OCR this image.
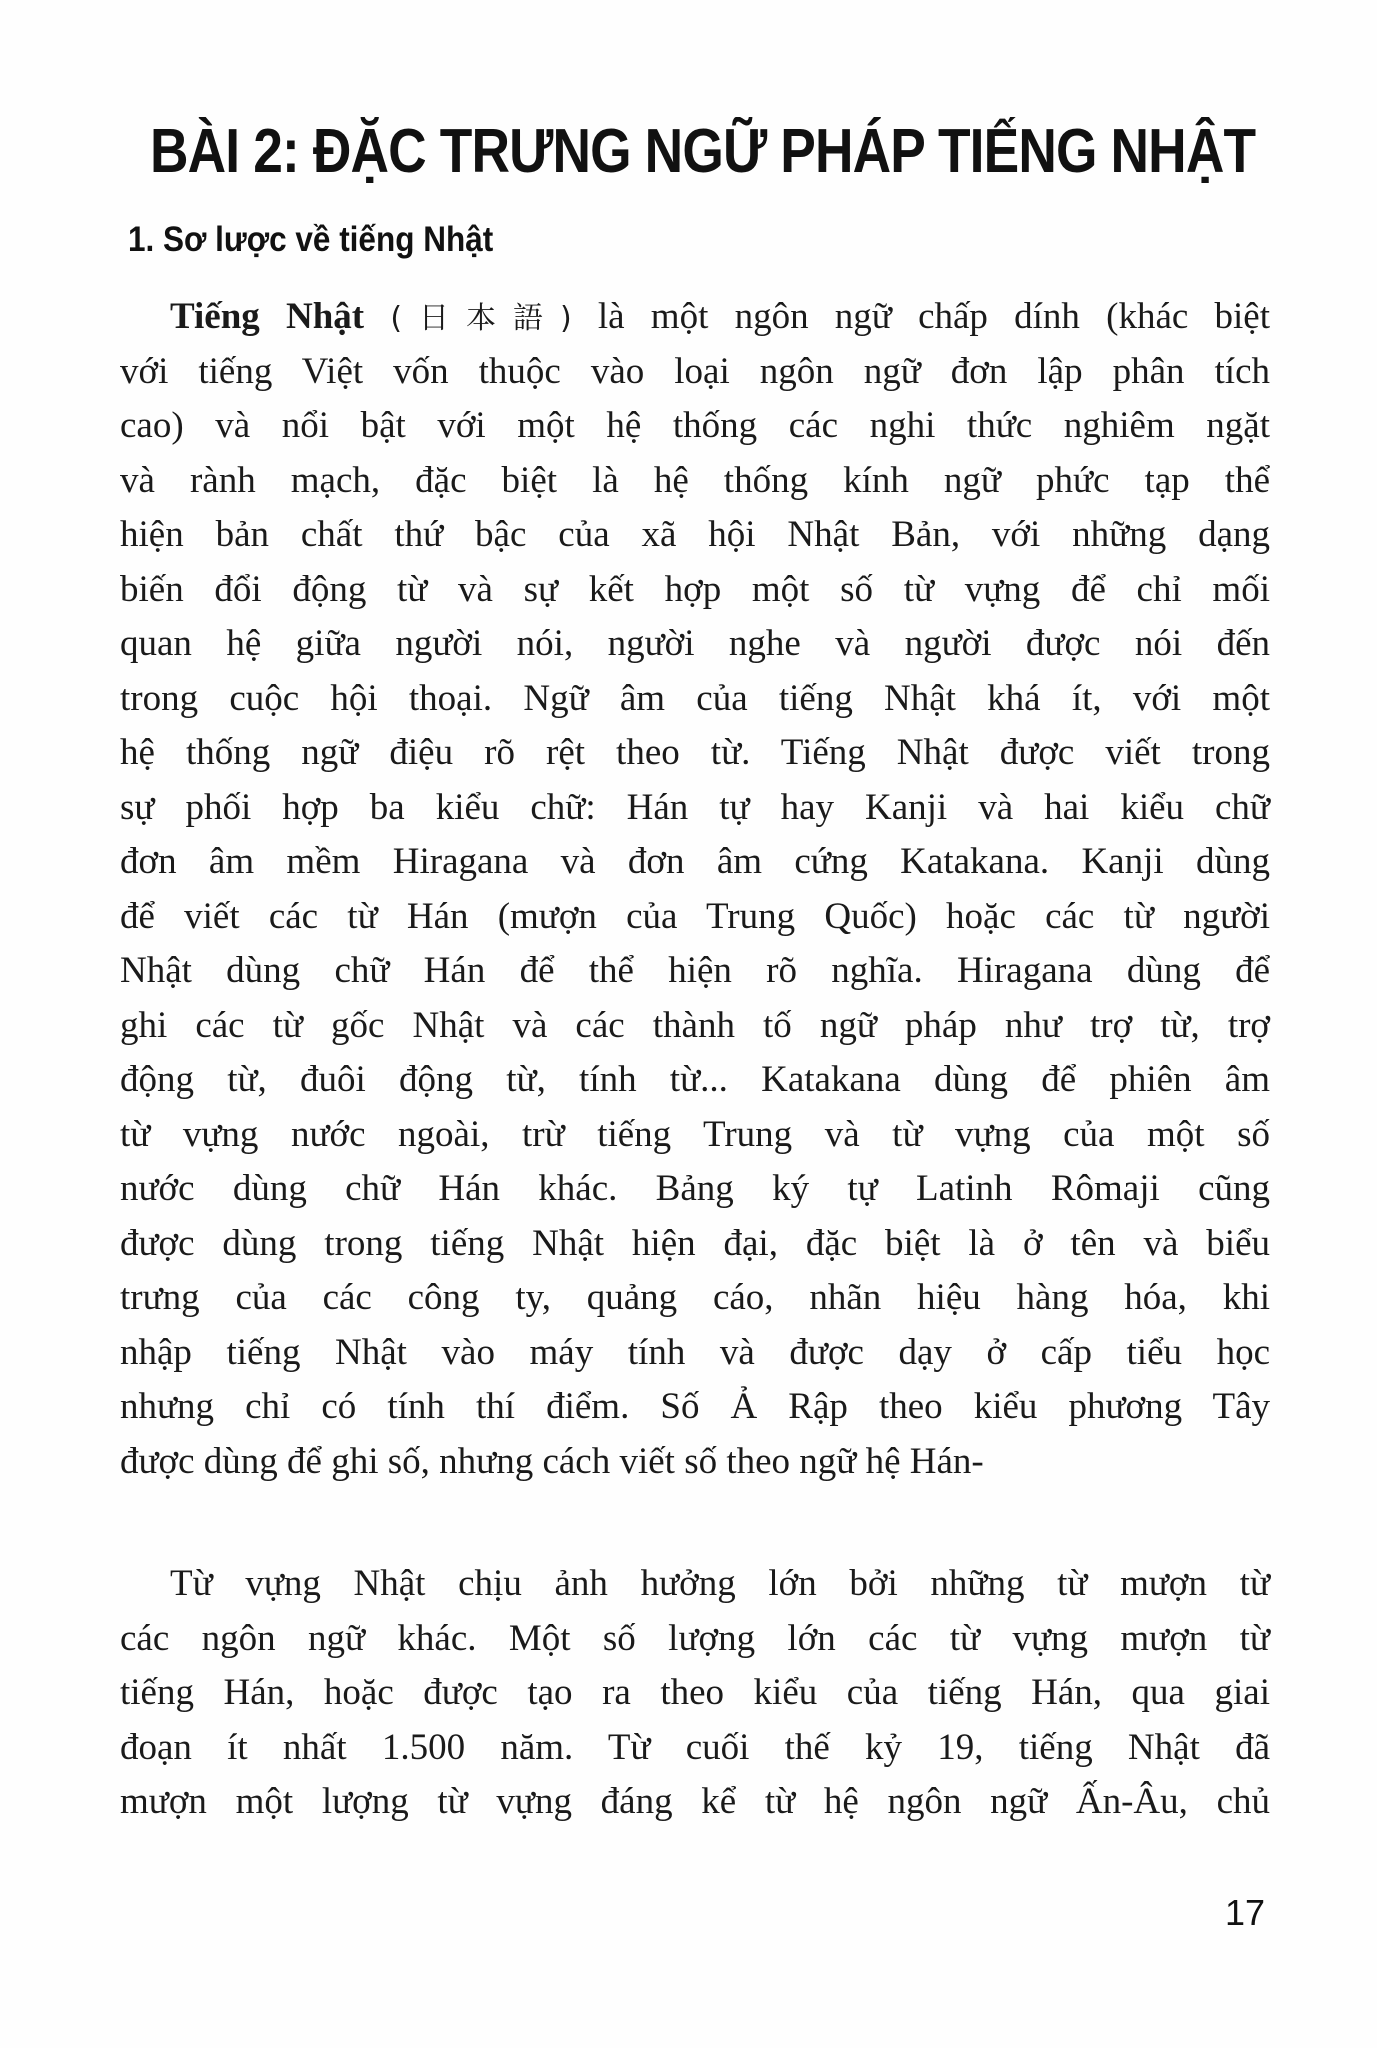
BÀI 2: ĐẶC TRƯNG NGỮ PHÁP TIẾNG NHẬT
1. Sơ lược về tiếng Nhật
Tiếng Nhật (日本語) là một ngôn ngữ chấp dính (khác biệt
với tiếng Việt vốn thuộc vào loại ngôn ngữ đơn lập phân tích
cao) và nổi bật với một hệ thống các nghi thức nghiêm ngặt
và rành mạch, đặc biệt là hệ thống kính ngữ phức tạp thể
hiện bản chất thứ bậc của xã hội Nhật Bản, với những dạng
biến đổi động từ và sự kết hợp một số từ vựng để chỉ mối
quan hệ giữa người nói, người nghe và người được nói đến
trong cuộc hội thoại. Ngữ âm của tiếng Nhật khá ít, với một
hệ thống ngữ điệu rõ rệt theo từ. Tiếng Nhật được viết trong
sự phối hợp ba kiểu chữ: Hán tự hay Kanji và hai kiểu chữ
đơn âm mềm Hiragana và đơn âm cứng Katakana. Kanji dùng
để viết các từ Hán (mượn của Trung Quốc) hoặc các từ người
Nhật dùng chữ Hán để thể hiện rõ nghĩa. Hiragana dùng để
ghi các từ gốc Nhật và các thành tố ngữ pháp như trợ từ, trợ
động từ, đuôi động từ, tính từ... Katakana dùng để phiên âm
từ vựng nước ngoài, trừ tiếng Trung và từ vựng của một số
nước dùng chữ Hán khác. Bảng ký tự Latinh Rômaji cũng
được dùng trong tiếng Nhật hiện đại, đặc biệt là ở tên và biểu
trưng của các công ty, quảng cáo, nhãn hiệu hàng hóa, khi
nhập tiếng Nhật vào máy tính và được dạy ở cấp tiểu học
nhưng chỉ có tính thí điểm. Số Ả Rập theo kiểu phương Tây
được dùng để ghi số, nhưng cách viết số theo ngữ hệ Hán-
Từ vựng Nhật chịu ảnh hưởng lớn bởi những từ mượn từ
các ngôn ngữ khác. Một số lượng lớn các từ vựng mượn từ
tiếng Hán, hoặc được tạo ra theo kiểu của tiếng Hán, qua giai
đoạn ít nhất 1.500 năm. Từ cuối thế kỷ 19, tiếng Nhật đã
mượn một lượng từ vựng đáng kể từ hệ ngôn ngữ Ấn-Âu, chủ
17
